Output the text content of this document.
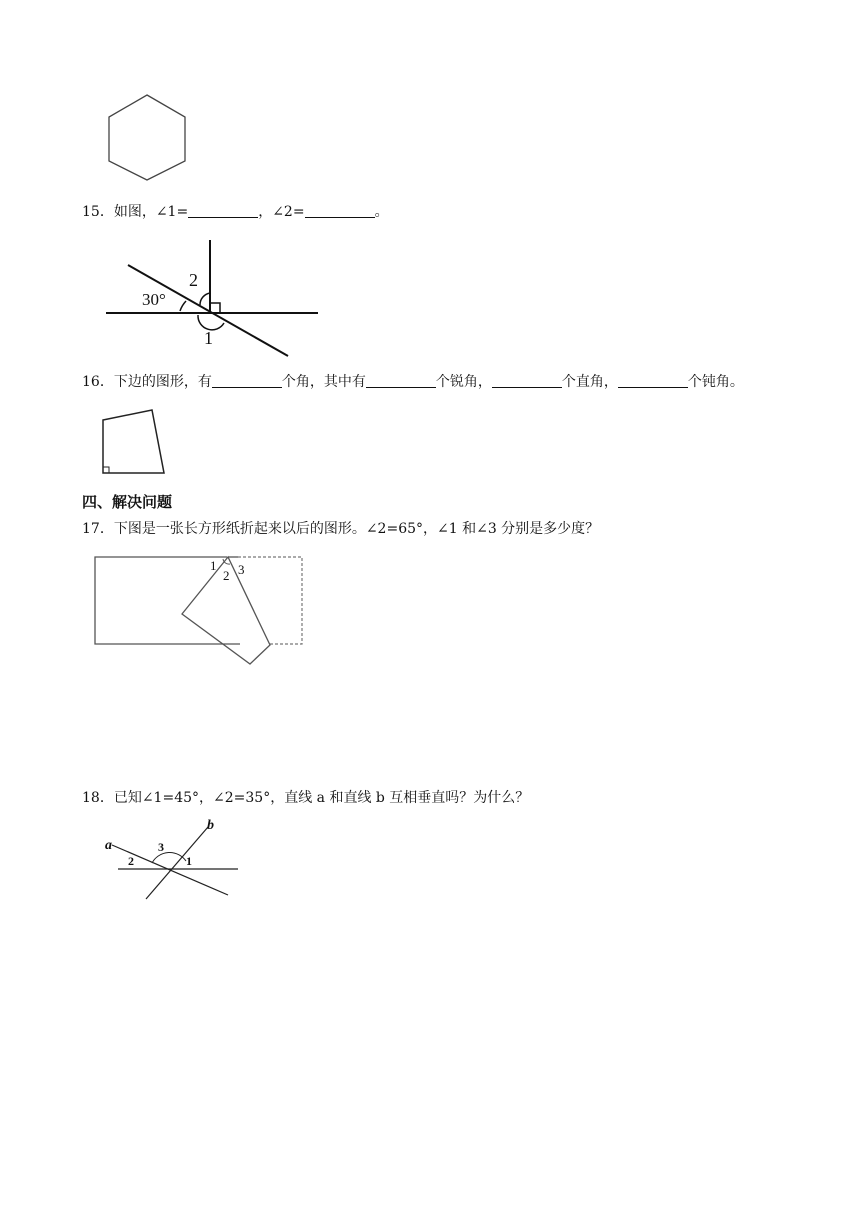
15．如图，∠1=	，∠2=	。
30°
2
1
16．下边的图形，有	个角，其中有	个锐角，	个直角，	个钝角。
四、解决问题
17．下图是一张长方形纸折起来以后的图形。∠2=65°，∠1 和∠3 分别是多少度？
1
2 3
18．已知∠1=45°，∠2=35°，直线 a 和直线 b 互相垂直吗？为什么？
a
b
1
2
3
